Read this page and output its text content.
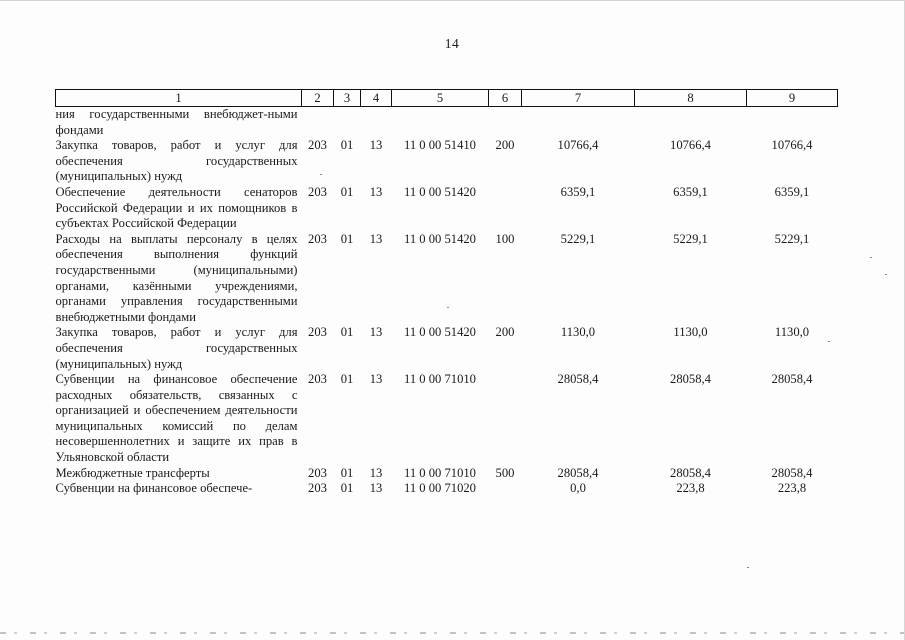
14
1	2	3	4	5	6	7	8	9
ния государственными внебюджет-ными фондами								
Закупка товаров, работ и услуг для обеспечения государственных (муниципальных) нужд	203	01	13	11 0 00 51410	200	10766,4	10766,4	10766,4
Обеспечение деятельности сенаторов Российской Федерации и их помощников в субъектах Российской Федерации	203	01	13	11 0 00 51420		6359,1	6359,1	6359,1
Расходы на выплаты персоналу в целях обеспечения выполнения функций государственными (муниципальными) органами, казёнными учреждениями, органами управления государственными внебюджетными фондами	203	01	13	11 0 00 51420	100	5229,1	5229,1	5229,1
Закупка товаров, работ и услуг для обеспечения государственных (муниципальных) нужд	203	01	13	11 0 00 51420	200	1130,0	1130,0	1130,0
Субвенции на финансовое обеспечение расходных обязательств, связанных с организацией и обеспечением деятельности муниципальных комиссий по делам несовершеннолетних и защите их прав в Ульяновской области	203	01	13	11 0 00 71010		28058,4	28058,4	28058,4
Межбюджетные трансферты	203	01	13	11 0 00 71010	500	28058,4	28058,4	28058,4
Субвенции на финансовое обеспече-	203	01	13	11 0 00 71020		0,0	223,8	223,8
